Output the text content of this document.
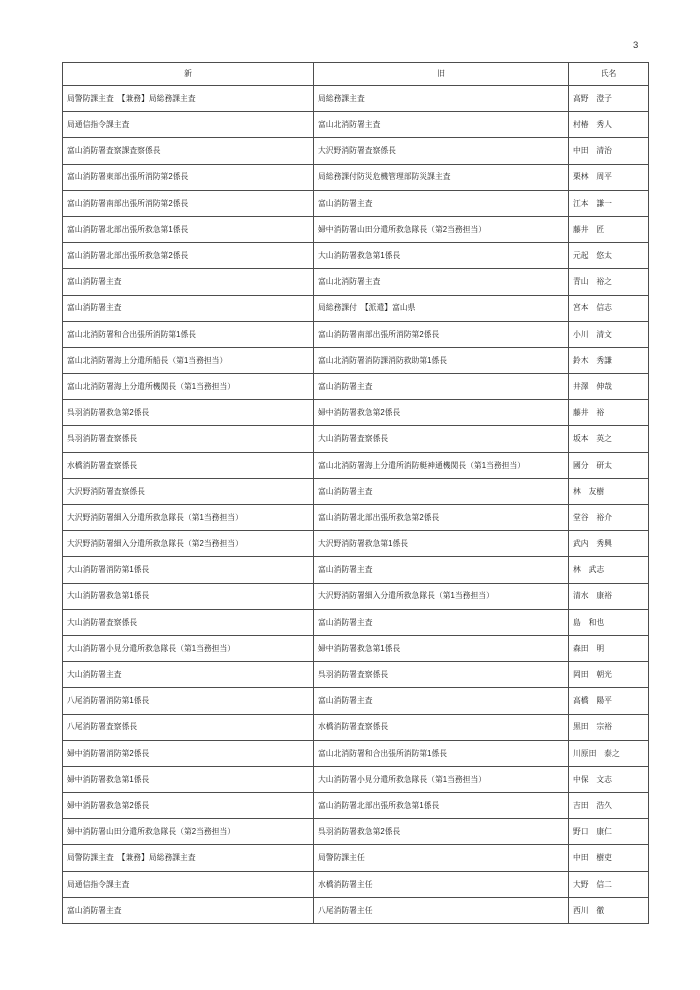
3
新	旧	氏名
局警防課主査　【兼務】局総務課主査	局総務課主査	高野　澄子
局通信指令課主査	富山北消防署主査	村椿　秀人
富山消防署査察課査察係長	大沢野消防署査察係長	中田　清治
富山消防署東部出張所消防第2係長	局総務課付防災危機管理部防災課主査	栗林　周平
富山消防署南部出張所消防第2係長	富山消防署主査	江本　謙一
富山消防署北部出張所救急第1係長	婦中消防署山田分遣所救急隊長（第2当務担当）	藤井　匠
富山消防署北部出張所救急第2係長	大山消防署救急第1係長	元起　悠太
富山消防署主査	富山北消防署主査	青山　裕之
富山消防署主査	局総務課付　【派遣】富山県	宮本　信志
富山北消防署和合出張所消防第1係長	富山消防署南部出張所消防第2係長	小川　清文
富山北消防署海上分遣所船長（第1当務担当）	富山北消防署消防課消防救助第1係長	鈴木　秀謙
富山北消防署海上分遣所機関長（第1当務担当）	富山消防署主査	井澤　伸哉
呉羽消防署救急第2係長	婦中消防署救急第2係長	藤井　裕
呉羽消防署査察係長	大山消防署査察係長	坂本　英之
水橋消防署査察係長	富山北消防署海上分遣所消防艇神通機関長（第1当務担当）	國分　研太
大沢野消防署査察係長	富山消防署主査	林　友樹
大沢野消防署細入分遣所救急隊長（第1当務担当）	富山消防署北部出張所救急第2係長	堂谷　裕介
大沢野消防署細入分遣所救急隊長（第2当務担当）	大沢野消防署救急第1係長	武内　秀興
大山消防署消防第1係長	富山消防署主査	林　武志
大山消防署救急第1係長	大沢野消防署細入分遣所救急隊長（第1当務担当）	清水　康裕
大山消防署査察係長	富山消防署主査	島　和也
大山消防署小見分遣所救急隊長（第1当務担当）	婦中消防署救急第1係長	森田　明
大山消防署主査	呉羽消防署査察係長	岡田　朝光
八尾消防署消防第1係長	富山消防署主査	高橋　陽平
八尾消防署査察係長	水橋消防署査察係長	黒田　宗裕
婦中消防署消防第2係長	富山北消防署和合出張所消防第1係長	川原田　泰之
婦中消防署救急第1係長	大山消防署小見分遣所救急隊長（第1当務担当）	中保　文志
婦中消防署救急第2係長	富山消防署北部出張所救急第1係長	吉田　浩久
婦中消防署山田分遣所救急隊長（第2当務担当）	呉羽消防署救急第2係長	野口　康仁
局警防課主査　【兼務】局総務課主査	局警防課主任	中田　樹吏
局通信指令課主査	水橋消防署主任	大野　信二
富山消防署主査	八尾消防署主任	西川　徹
